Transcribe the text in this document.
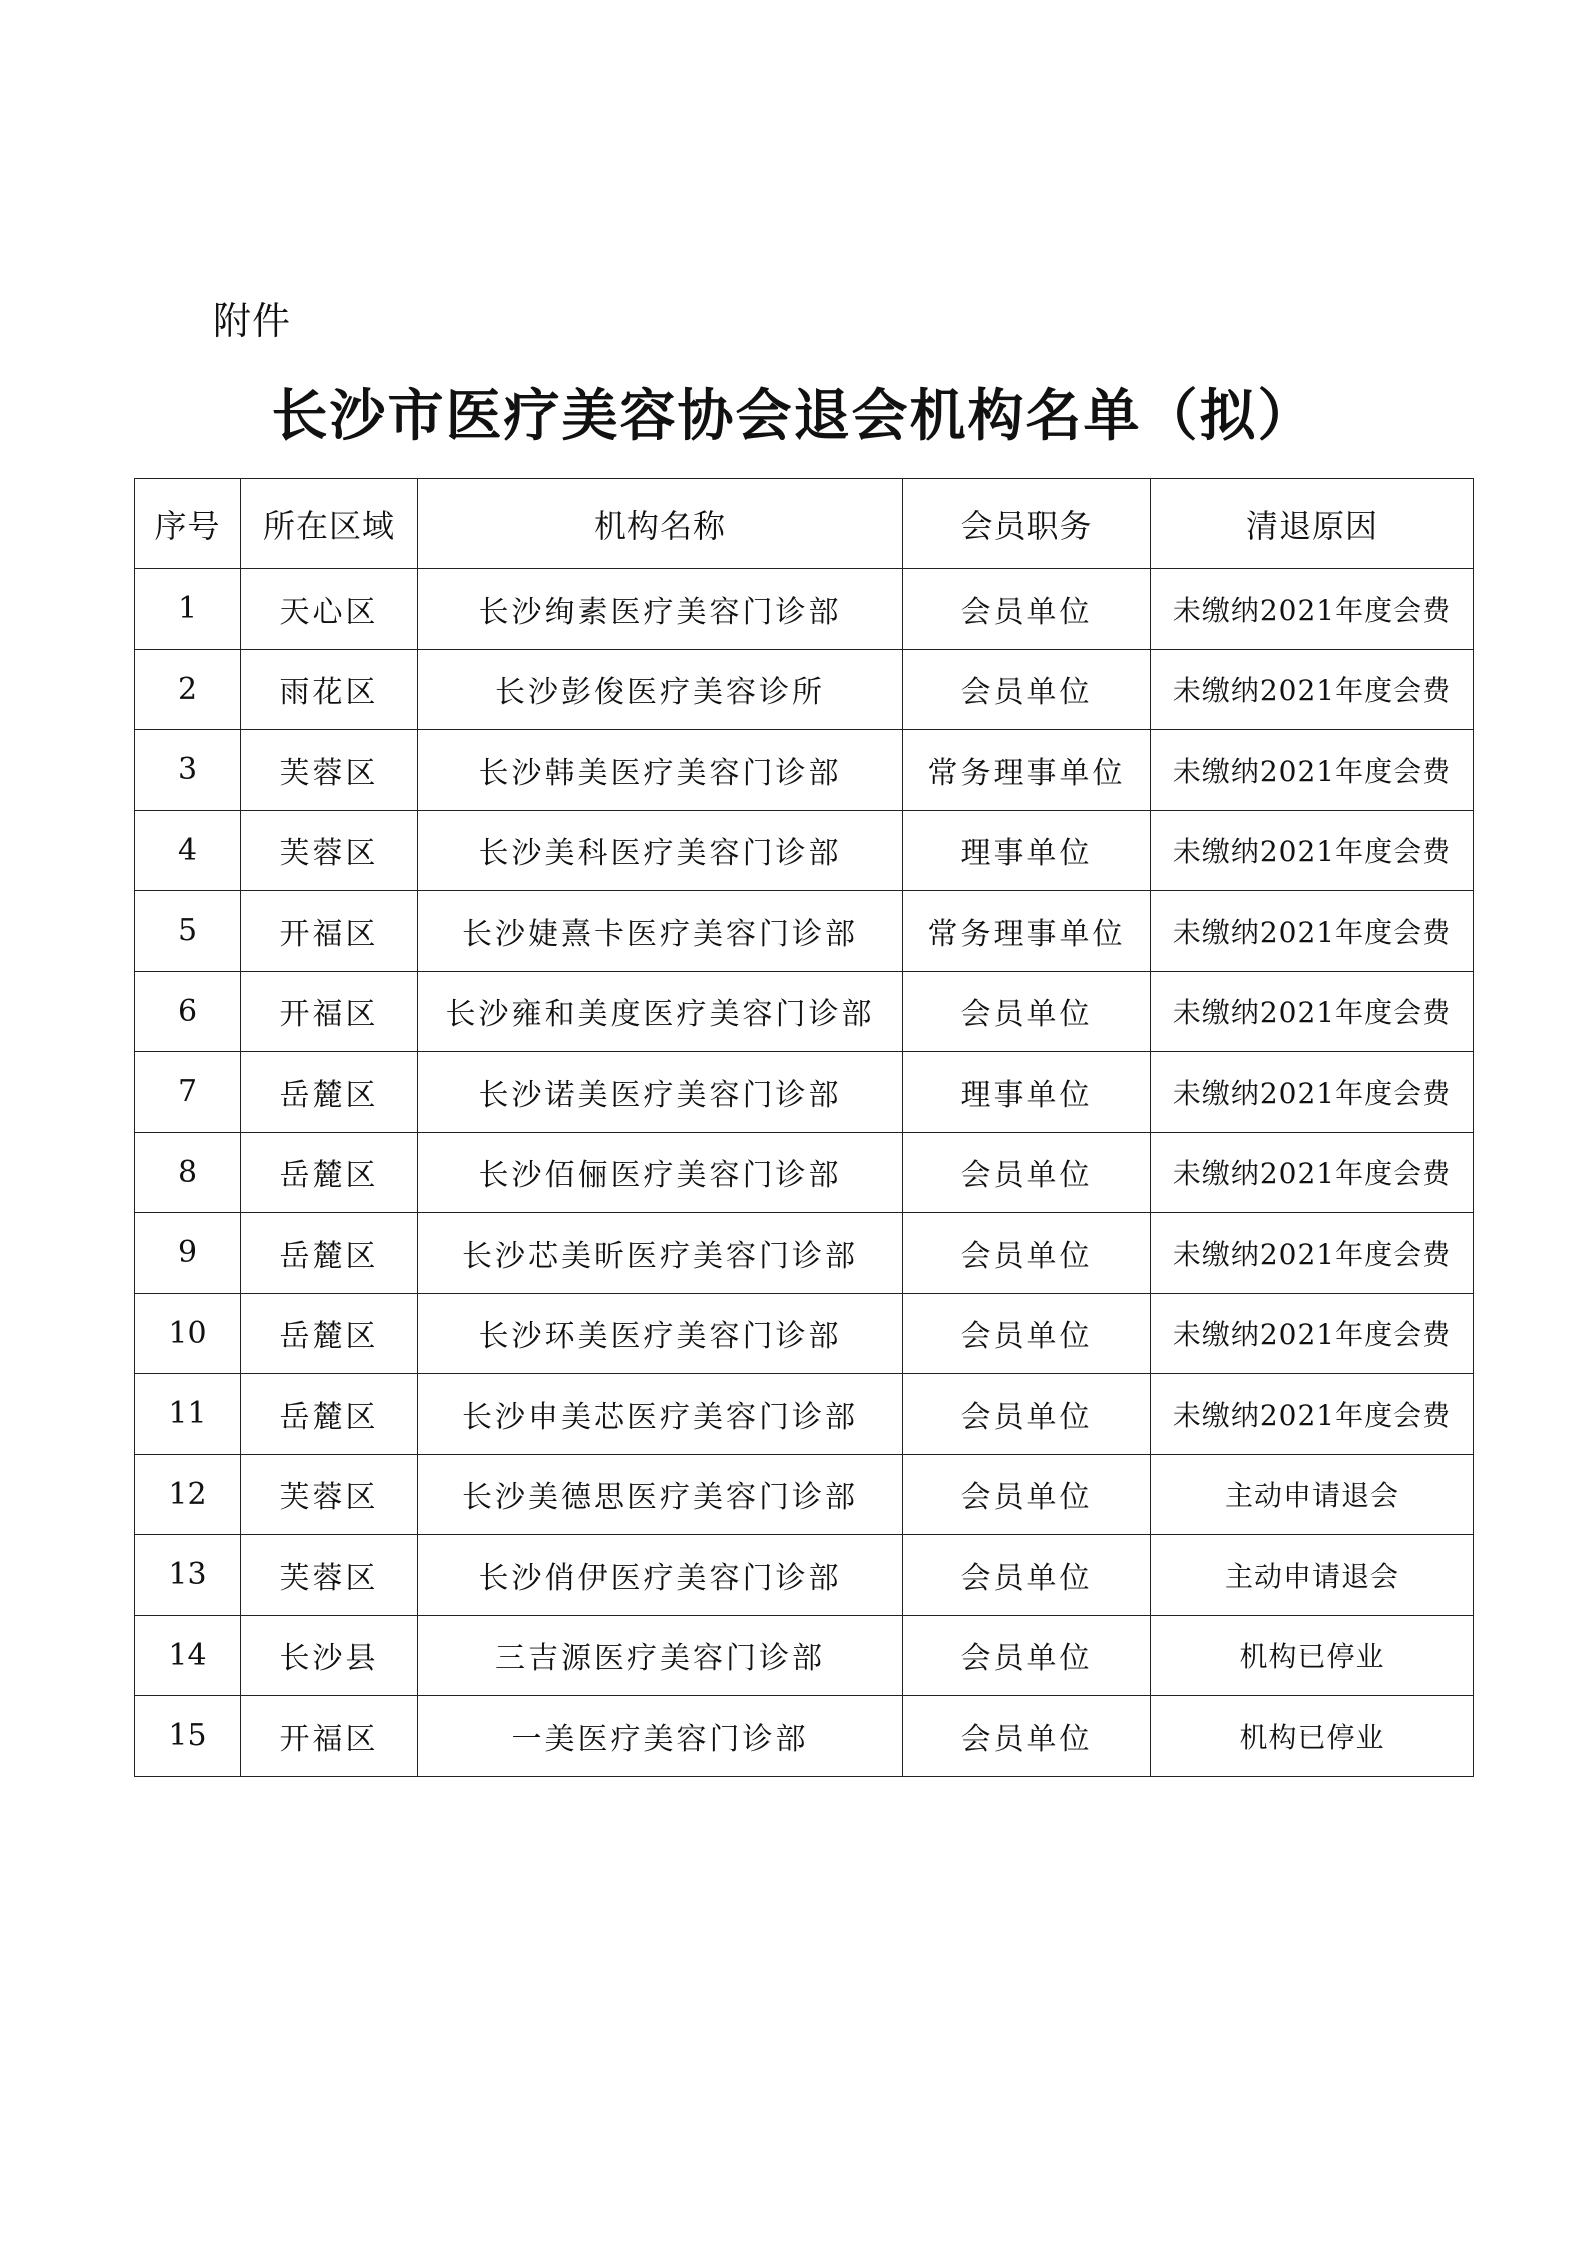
附件
长沙市医疗美容协会退会机构名单（拟）
序号	所在区域	机构名称	会员职务	清退原因
1	天心区	长沙绚素医疗美容门诊部	会员单位	未缴纳2021年度会费
2	雨花区	长沙彭俊医疗美容诊所	会员单位	未缴纳2021年度会费
3	芙蓉区	长沙韩美医疗美容门诊部	常务理事单位	未缴纳2021年度会费
4	芙蓉区	长沙美科医疗美容门诊部	理事单位	未缴纳2021年度会费
5	开福区	长沙婕熹卡医疗美容门诊部	常务理事单位	未缴纳2021年度会费
6	开福区	长沙雍和美度医疗美容门诊部	会员单位	未缴纳2021年度会费
7	岳麓区	长沙诺美医疗美容门诊部	理事单位	未缴纳2021年度会费
8	岳麓区	长沙佰俪医疗美容门诊部	会员单位	未缴纳2021年度会费
9	岳麓区	长沙芯美昕医疗美容门诊部	会员单位	未缴纳2021年度会费
10	岳麓区	长沙环美医疗美容门诊部	会员单位	未缴纳2021年度会费
11	岳麓区	长沙申美芯医疗美容门诊部	会员单位	未缴纳2021年度会费
12	芙蓉区	长沙美德思医疗美容门诊部	会员单位	主动申请退会
13	芙蓉区	长沙俏伊医疗美容门诊部	会员单位	主动申请退会
14	长沙县	三吉源医疗美容门诊部	会员单位	机构已停业
15	开福区	一美医疗美容门诊部	会员单位	机构已停业
